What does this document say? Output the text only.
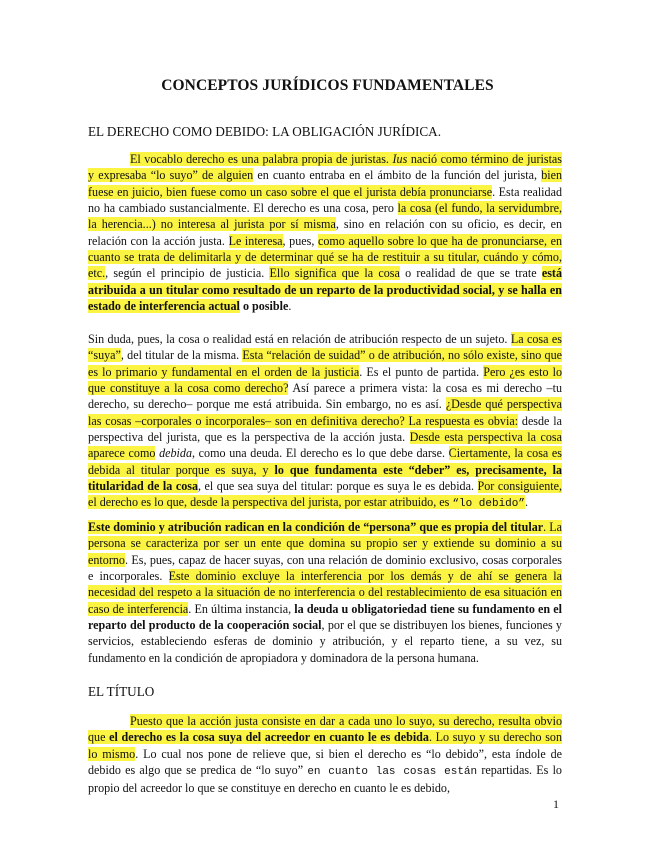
CONCEPTOS JURÍDICOS FUNDAMENTALES
EL DERECHO COMO DEBIDO: LA OBLIGACIÓN JURÍDICA.

El vocablo derecho es una palabra propia de juristas. Ius nació como término de juristas y expresaba “lo suyo” de alguien en cuanto entraba en el ámbito de la función del jurista, bien fuese en juicio, bien fuese como un caso sobre el que el jurista debía pronunciarse. Esta realidad no ha cambiado sustancialmente. El derecho es una cosa, pero la cosa (el fundo, la servidumbre, la herencia...) no interesa al jurista por sí misma, sino en relación con su oficio, es decir, en relación con la acción justa. Le interesa, pues, como aquello sobre lo que ha de pronunciarse, en cuanto se trata de delimitarla y de determinar qué se ha de restituir a su titular, cuándo y cómo, etc., según el principio de justicia. Ello significa que la cosa o realidad de que se trate está atribuida a un titular como resultado de un reparto de la productividad social, y se halla en estado de interferencia actual o posible.

Sin duda, pues, la cosa o realidad está en relación de atribución respecto de un sujeto. La cosa es “suya”, del titular de la misma. Esta “relación de suidad” o de atribución, no sólo existe, sino que es lo primario y fundamental en el orden de la justicia. Es el punto de partida. Pero ¿es esto lo que constituye a la cosa como derecho? Así parece a primera vista: la cosa es mi derecho –tu derecho, su derecho– porque me está atribuida. Sin embargo, no es así. ¿Desde qué perspectiva las cosas –corporales o incorporales– son en definitiva derecho? La respuesta es obvia: desde la perspectiva del jurista, que es la perspectiva de la acción justa. Desde esta perspectiva la cosa aparece como debida, como una deuda. El derecho es lo que debe darse. Ciertamente, la cosa es debida al titular porque es suya, y lo que fundamenta este “deber” es, precisamente, la titularidad de la cosa, el que sea suya del titular: porque es suya le es debida. Por consiguiente, el derecho es lo que, desde la perspectiva del jurista, por estar atribuido, es “lo debido”.

Este dominio y atribución radican en la condición de “persona” que es propia del titular. La persona se caracteriza por ser un ente que domina su propio ser y extiende su dominio a su entorno. Es, pues, capaz de hacer suyas, con una relación de dominio exclusivo, cosas corporales e incorporales. Este dominio excluye la interferencia por los demás y de ahí se genera la necesidad del respeto a la situación de no interferencia o del restablecimiento de esa situación en caso de interferencia. En última instancia, la deuda u obligatoriedad tiene su fundamento en el reparto del producto de la cooperación social, por el que se distribuyen los bienes, funciones y servicios, estableciendo esferas de dominio y atribución, y el reparto tiene, a su vez, su fundamento en la condición de apropiadora y dominadora de la persona humana.

EL TÍTULO

Puesto que la acción justa consiste en dar a cada uno lo suyo, su derecho, resulta obvio que el derecho es la cosa suya del acreedor en cuanto le es debida. Lo suyo y su derecho son lo mismo. Lo cual nos pone de relieve que, si bien el derecho es “lo debido”, esta índole de debido es algo que se predica de “lo suyo” en cuanto las cosas están repartidas. Es lo propio del acreedor lo que se constituye en derecho en cuanto le es debido,

1
